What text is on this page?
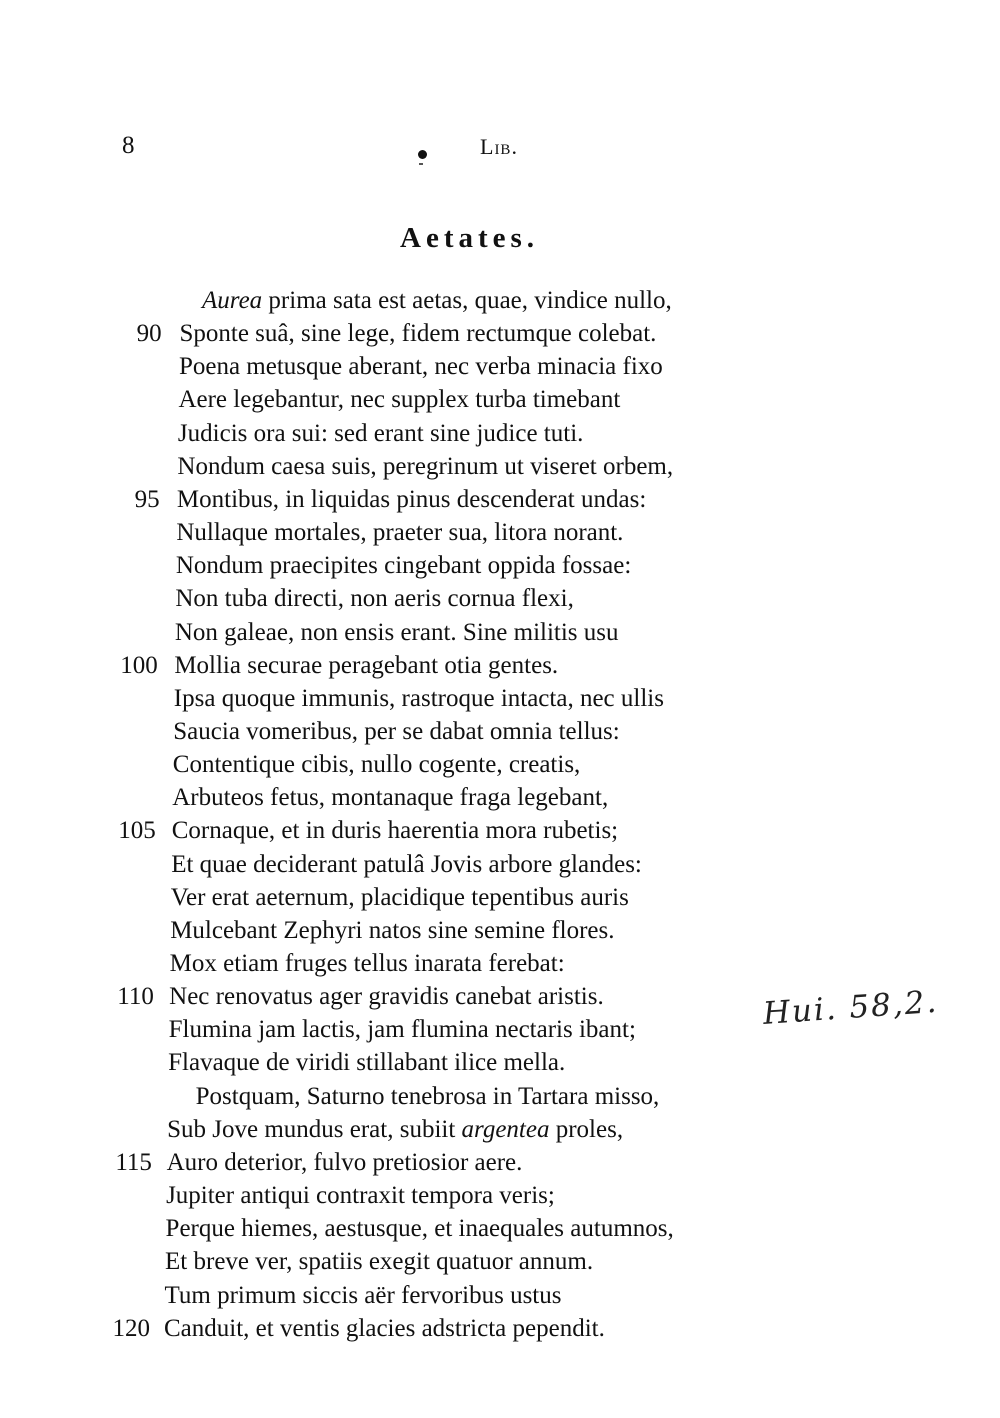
8	Lib.
Aetates.
Aurea prima sata est aetas, quae, vindice nullo,
90 Sponte suâ, sine lege, fidem rectumque colebat.
Poena metusque aberant, nec verba minacia fixo
Aere legebantur, nec supplex turba timebant
Judicis ora sui: sed erant sine judice tuti.
Nondum caesa suis, peregrinum ut viseret orbem,
95 Montibus, in liquidas pinus descenderat undas:
Nullaque mortales, praeter sua, litora norant.
Nondum praecipites cingebant oppida fossae:
Non tuba directi, non aeris cornua flexi,
Non galeae, non ensis erant. Sine militis usu
100 Mollia securae peragebant otia gentes.
Ipsa quoque immunis, rastroque intacta, nec ullis
Saucia vomeribus, per se dabat omnia tellus:
Contentique cibis, nullo cogente, creatis,
Arbuteos fetus, montanaque fraga legebant,
105 Cornaque, et in duris haerentia mora rubetis;
Et quae deciderant patulâ Jovis arbore glandes:
Ver erat aeternum, placidique tepentibus auris
Mulcebant Zephyri natos sine semine flores.
Mox etiam fruges tellus inarata ferebat:
110 Nec renovatus ager gravidis canebat aristis.
Flumina jam lactis, jam flumina nectaris ibant;
Flavaque de viridi stillabant ilice mella.
Postquam, Saturno tenebrosa in Tartara misso,
Sub Jove mundus erat, subiit argentea proles,
115 Auro deterior, fulvo pretiosior aere.
Jupiter antiqui contraxit tempora veris;
Perque hiemes, aestusque, et inaequales autumnos,
Et breve ver, spatiis exegit quatuor annum.
Tum primum siccis aër fervoribus ustus
120 Canduit, et ventis glacies adstricta pependit.
Hui. 58,2.
